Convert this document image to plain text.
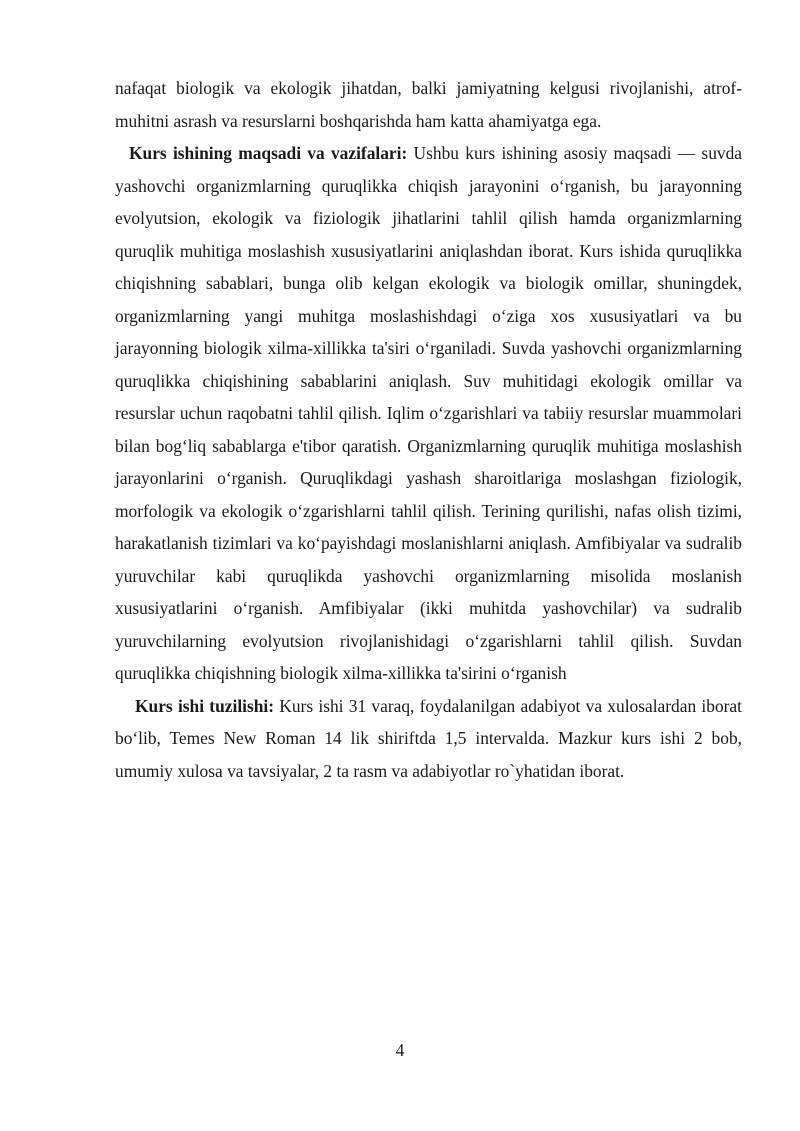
nafaqat biologik va ekologik jihatdan, balki jamiyatning kelgusi rivojlanishi, atrof-muhitni asrash va resurslarni boshqarishda ham katta ahamiyatga ega.

Kurs ishining maqsadi va vazifalari: Ushbu kurs ishining asosiy maqsadi — suvda yashovchi organizmlarning quruqlikka chiqish jarayonini o‘rganish, bu jarayonning evolyutsion, ekologik va fiziologik jihatlarini tahlil qilish hamda organizmlarning quruqlik muhitiga moslashish xususiyatlarini aniqlashdan iborat. Kurs ishida quruqlikka chiqishning sabablari, bunga olib kelgan ekologik va biologik omillar, shuningdek, organizmlarning yangi muhitga moslashishdagi o‘ziga xos xususiyatlari va bu jarayonning biologik xilma-xillikka ta'siri o‘rganiladi. Suvda yashovchi organizmlarning quruqlikka chiqishining sabablarini aniqlash. Suv muhitidagi ekologik omillar va resurslar uchun raqobatni tahlil qilish. Iqlim o‘zgarishlari va tabiiy resurslar muammolari bilan bog‘liq sabablarga e'tibor qaratish. Organizmlarning quruqlik muhitiga moslashish jarayonlarini o‘rganish. Quruqlikdagi yashash sharoitlariga moslashgan fiziologik, morfologik va ekologik o‘zgarishlarni tahlil qilish. Terining qurilishi, nafas olish tizimi, harakatlanish tizimlari va ko‘payishdagi moslanishlarni aniqlash. Amfibiyalar va sudralib yuruvchilar kabi quruqlikda yashovchi organizmlarning misolida moslanish xususiyatlarini o‘rganish. Amfibiyalar (ikki muhitda yashovchilar) va sudralib yuruvchilarning evolyutsion rivojlanishidagi o‘zgarishlarni tahlil qilish. Suvdan quruqlikka chiqishning biologik xilma-xillikka ta'sirini o‘rganish

Kurs ishi tuzilishi: Kurs ishi 31 varaq, foydalanilgan adabiyot va xulosalardan iborat bo‘lib, Temes New Roman 14 lik shiriftda 1,5 intervalda. Mazkur kurs ishi 2 bob, umumiy xulosa va tavsiyalar, 2 ta rasm va adabiyotlar ro`yhatidan iborat.

4
